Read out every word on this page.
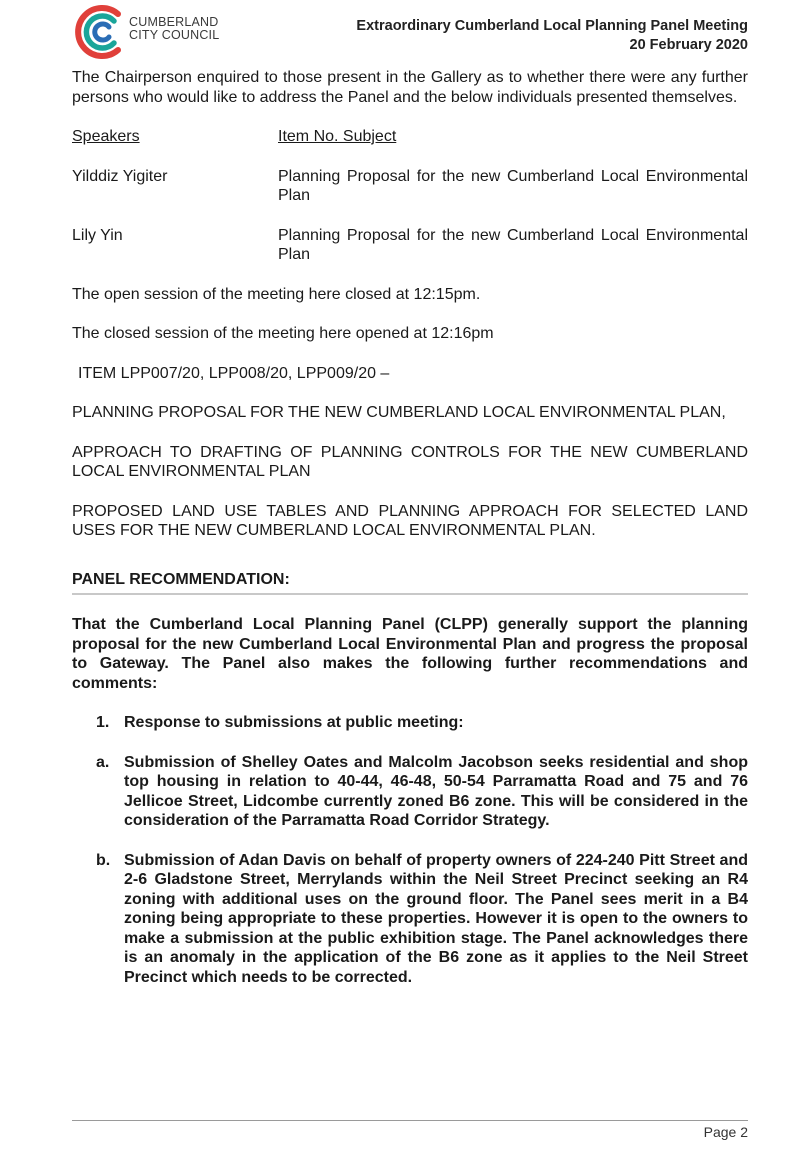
CUMBERLAND
CITY COUNCIL
Extraordinary Cumberland Local Planning Panel Meeting
20 February 2020

The Chairperson enquired to those present in the Gallery as to whether there were any further persons who would like to address the Panel and the below individuals presented themselves.

Speakers	Item No. Subject
Yilddiz Yigiter	Planning Proposal for the new Cumberland Local Environmental Plan
Lily Yin	Planning Proposal for the new Cumberland Local Environmental Plan

The open session of the meeting here closed at 12:15pm.

The closed session of the meeting here opened at 12:16pm

ITEM LPP007/20, LPP008/20, LPP009/20 –

PLANNING PROPOSAL FOR THE NEW CUMBERLAND LOCAL ENVIRONMENTAL PLAN,

APPROACH TO DRAFTING OF PLANNING CONTROLS FOR THE NEW CUMBERLAND LOCAL ENVIRONMENTAL PLAN

PROPOSED LAND USE TABLES AND PLANNING APPROACH FOR SELECTED LAND USES FOR THE NEW CUMBERLAND LOCAL ENVIRONMENTAL PLAN.

PANEL RECOMMENDATION:

That the Cumberland Local Planning Panel (CLPP) generally support the planning proposal for the new Cumberland Local Environmental Plan and progress the proposal to Gateway. The Panel also makes the following further recommendations and comments:

1. Response to submissions at public meeting:
a. Submission of Shelley Oates and Malcolm Jacobson seeks residential and shop top housing in relation to 40-44, 46-48, 50-54 Parramatta Road and 75 and 76 Jellicoe Street, Lidcombe currently zoned B6 zone. This will be considered in the consideration of the Parramatta Road Corridor Strategy.
b. Submission of Adan Davis on behalf of property owners of 224-240 Pitt Street and 2-6 Gladstone Street, Merrylands within the Neil Street Precinct seeking an R4 zoning with additional uses on the ground floor. The Panel sees merit in a B4 zoning being appropriate to these properties. However it is open to the owners to make a submission at the public exhibition stage. The Panel acknowledges there is an anomaly in the application of the B6 zone as it applies to the Neil Street Precinct which needs to be corrected.
Page 2
